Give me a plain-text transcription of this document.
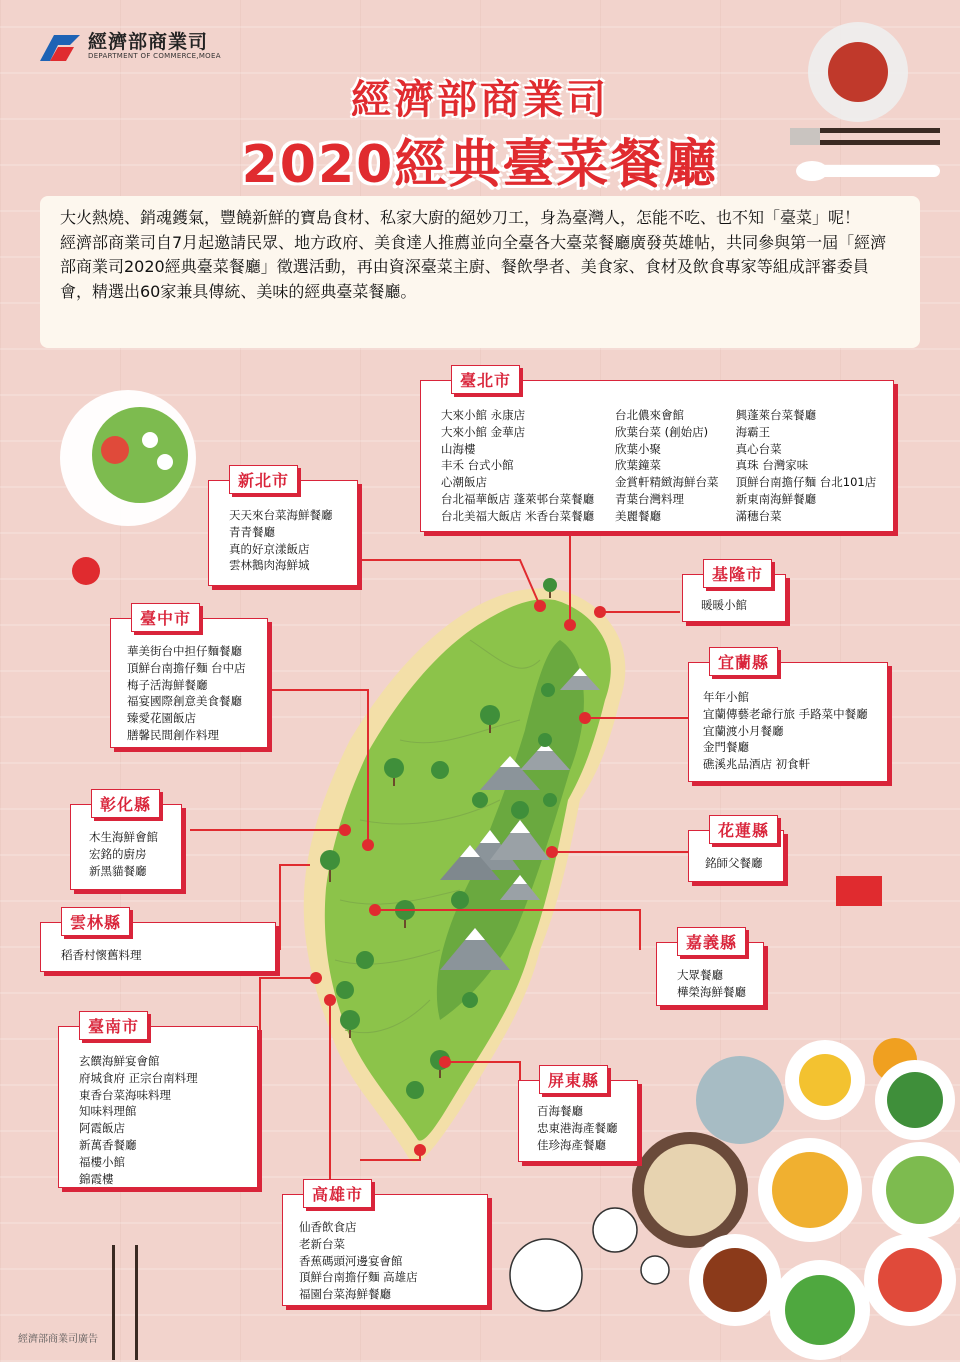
經濟部商業司
DEPARTMENT OF COMMERCE,MOEA
經濟部商業司
2020經典臺菜餐廳

大火熱燒、銷魂鑊氣，豐饒新鮮的寶島食材、私家大廚的絕妙刀工，身為臺灣人，怎能不吃、也不知「臺菜」呢！

經濟部商業司自7月起邀請民眾、地方政府、美食達人推薦並向全臺各大臺菜餐廳廣發英雄帖，共同參與第一屆「經濟部商業司2020經典臺菜餐廳」徵選活動，再由資深臺菜主廚、餐飲學者、美食家、食材及飲食專家等組成評審委員會，精選出60家兼具傳統、美味的經典臺菜餐廳。

臺北市
大來小館 永康店
大來小館 金華店
山海樓
丰禾 台式小館
心潮飯店
台北福華飯店 蓬萊邨台菜餐廳
台北美福大飯店 米香台菜餐廳
台北儂來會館
欣葉台菜 (創始店)
欣葉小聚
欣葉鐘菜
金賞軒精緻海鮮台菜
青葉台灣料理
美麗餐廳
興蓬萊台菜餐廳
海霸王
真心台菜
真珠 台灣家味
頂鮮台南擔仔麵 台北101店
新東南海鮮餐廳
滿穗台菜
新北市
天天來台菜海鮮餐廳
青青餐廳
真的好京漾飯店
雲林鵝肉海鮮城	基隆市
暖暖小館
宜蘭縣
年年小館
宜蘭傳藝老爺行旅 手路菜中餐廳
宜蘭渡小月餐廳
金門餐廳
礁溪兆品酒店 初食軒
臺中市
華美街台中担仔麵餐廳
頂鮮台南擔仔麵 台中店
梅子活海鮮餐廳
福宴國際創意美食餐廳
臻愛花園飯店
膳馨民間創作料理
彰化縣
木生海鮮會館
宏銘的廚房
新黑貓餐廳
花蓮縣
銘師父餐廳
雲林縣
稻香村懷舊料理
嘉義縣
大眾餐廳
樺榮海鮮餐廳
臺南市
玄饌海鮮宴會館
府城食府 正宗台南料理
東香台菜海味料理
知味料理館
阿霞飯店
新萬香餐廳
福樓小館
錦霞樓
屏東縣
百海餐廳
忠東港海產餐廳
佳珍海產餐廳
高雄市
仙香飲食店
老新台菜
香蕉碼頭河邊宴會館
頂鮮台南擔仔麵 高雄店
福園台菜海鮮餐廳
經濟部商業司廣告
